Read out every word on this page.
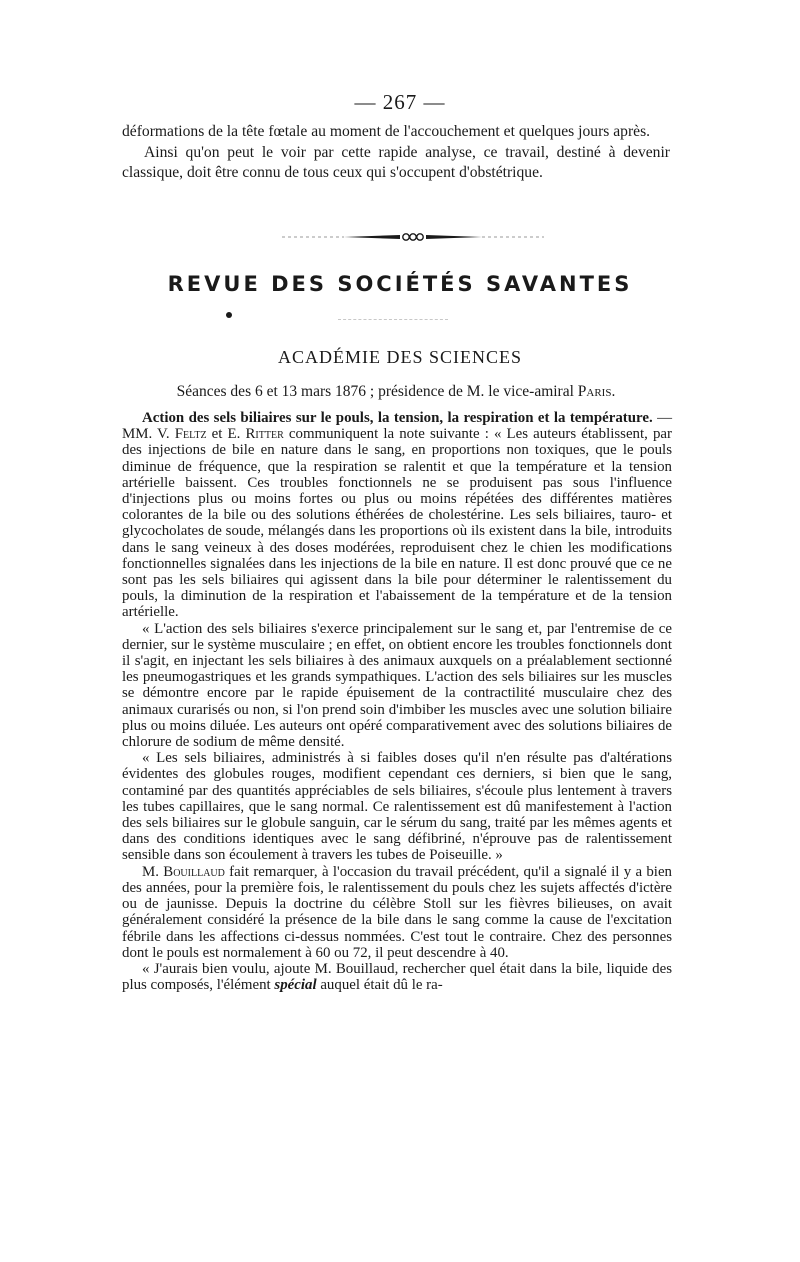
— 267 —

déformations de la tête fœtale au moment de l'accouchement et quelques jours après.

Ainsi qu'on peut le voir par cette rapide analyse, ce travail, destiné à devenir classique, doit être connu de tous ceux qui s'occupent d'obstétrique.

REVUE DES SOCIÉTÉS SAVANTES
ACADÉMIE DES SCIENCES
Séances des 6 et 13 mars 1876 ; présidence de M. le vice-amiral Paris.

Action des sels biliaires sur le pouls, la tension, la respiration et la température. — MM. V. Feltz et E. Ritter communiquent la note suivante : « Les auteurs établissent, par des injections de bile en nature dans le sang, en proportions non toxiques, que le pouls diminue de fréquence, que la respiration se ralentit et que la température et la tension artérielle baissent. Ces troubles fonctionnels ne se produisent pas sous l'influence d'injections plus ou moins fortes ou plus ou moins répétées des différentes matières colorantes de la bile ou des solutions éthérées de cholestérine. Les sels biliaires, tauro- et glycocholates de soude, mélangés dans les proportions où ils existent dans la bile, introduits dans le sang veineux à des doses modérées, reproduisent chez le chien les modifications fonctionnelles signalées dans les injections de la bile en nature. Il est donc prouvé que ce ne sont pas les sels biliaires qui agissent dans la bile pour déterminer le ralentissement du pouls, la diminution de la respiration et l'abaissement de la température et de la tension artérielle.

« L'action des sels biliaires s'exerce principalement sur le sang et, par l'entremise de ce dernier, sur le système musculaire ; en effet, on obtient encore les troubles fonctionnels dont il s'agit, en injectant les sels biliaires à des animaux auxquels on a préalablement sectionné les pneumogastriques et les grands sympathiques. L'action des sels biliaires sur les muscles se démontre encore par le rapide épuisement de la contractilité musculaire chez des animaux curarisés ou non, si l'on prend soin d'imbiber les muscles avec une solution biliaire plus ou moins diluée. Les auteurs ont opéré comparativement avec des solutions biliaires de chlorure de sodium de même densité.

« Les sels biliaires, administrés à si faibles doses qu'il n'en résulte pas d'altérations évidentes des globules rouges, modifient cependant ces derniers, si bien que le sang, contaminé par des quantités appréciables de sels biliaires, s'écoule plus lentement à travers les tubes capillaires, que le sang normal. Ce ralentissement est dû manifestement à l'action des sels biliaires sur le globule sanguin, car le sérum du sang, traité par les mêmes agents et dans des conditions identiques avec le sang défibriné, n'éprouve pas de ralentissement sensible dans son écoulement à travers les tubes de Poiseuille. »

M. Bouillaud fait remarquer, à l'occasion du travail précédent, qu'il a signalé il y a bien des années, pour la première fois, le ralentissement du pouls chez les sujets affectés d'ictère ou de jaunisse. Depuis la doctrine du célèbre Stoll sur les fièvres bilieuses, on avait généralement considéré la présence de la bile dans le sang comme la cause de l'excitation fébrile dans les affections ci-dessus nommées. C'est tout le contraire. Chez des personnes dont le pouls est normalement à 60 ou 72, il peut descendre à 40.

« J'aurais bien voulu, ajoute M. Bouillaud, rechercher quel était dans la bile, liquide des plus composés, l'élément spécial auquel était dû le ra-
